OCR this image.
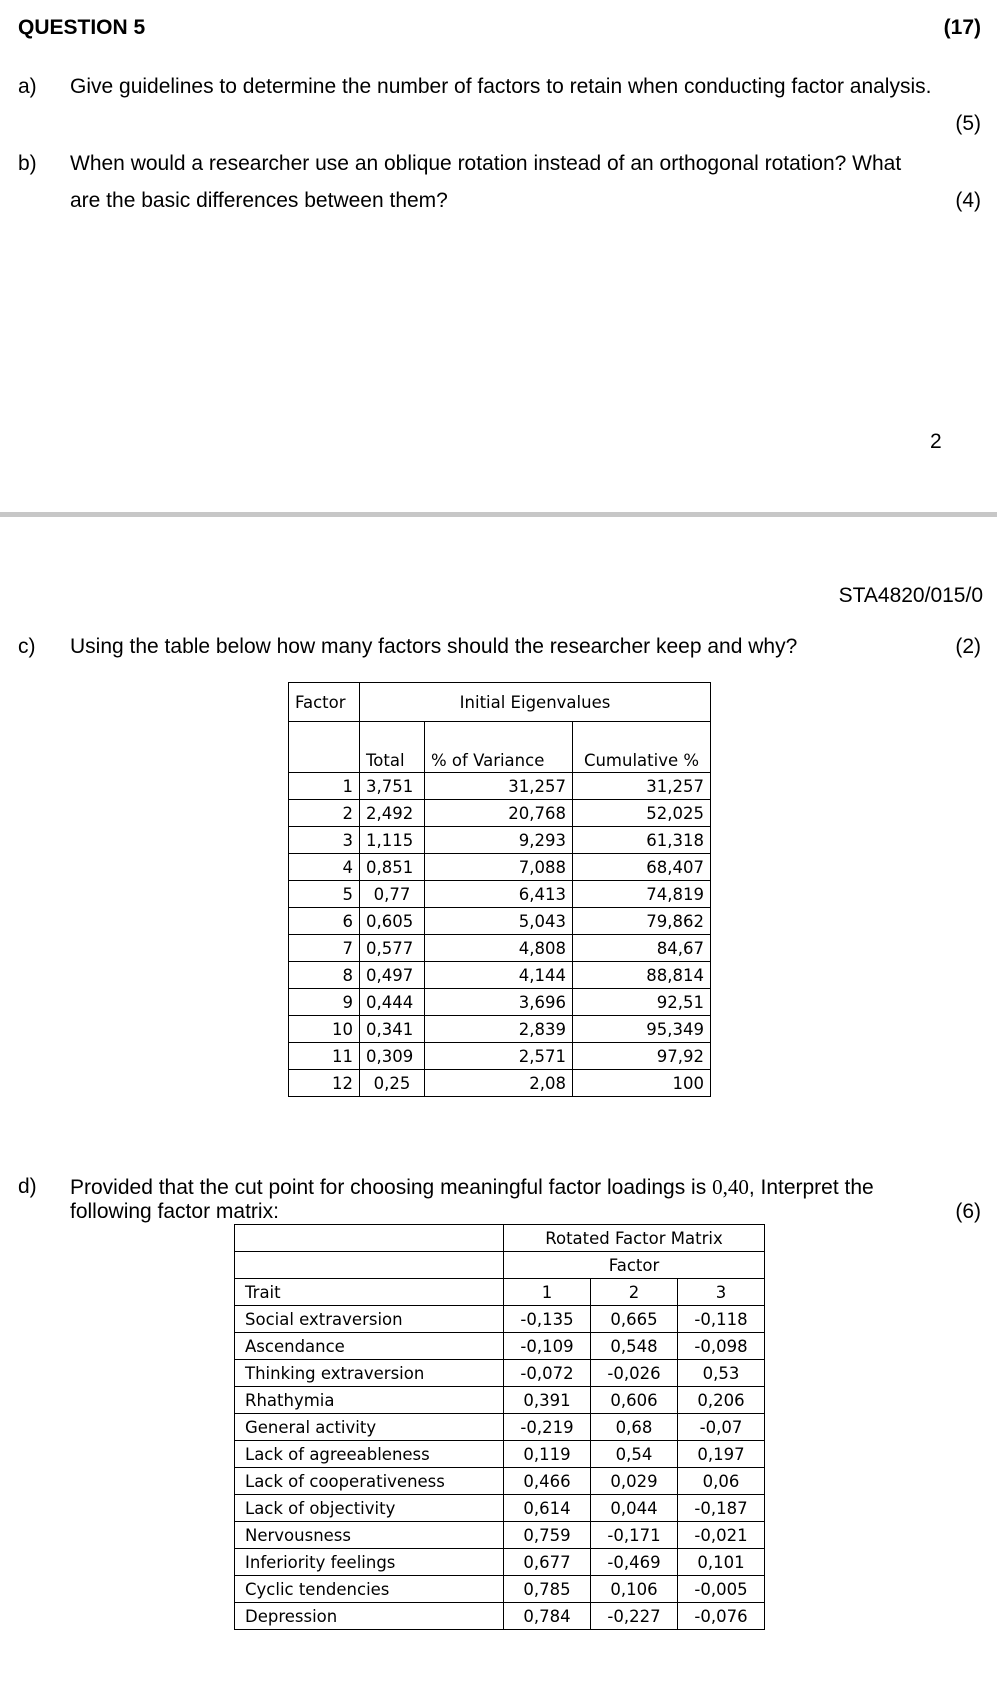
QUESTION 5	(17)
a) Give guidelines to determine the number of factors to retain when conducting factor analysis.
(5)
b) When would a researcher use an oblique rotation instead of an orthogonal rotation? What
are the basic differences between them?	(4)
2
STA4820/015/0
c) Using the table below how many factors should the researcher keep and why?	(2)
Factor	Initial Eigenvalues		
	Total	% of Variance	Cumulative %
1	3,751	31,257	31,257
2	2,492	20,768	52,025
3	1,115	9,293	61,318
4	0,851	7,088	68,407
5	0,77	6,413	74,819
6	0,605	5,043	79,862
7	0,577	4,808	84,67
8	0,497	4,144	88,814
9	0,444	3,696	92,51
10	0,341	2,839	95,349
11	0,309	2,571	97,92
12	0,25	2,08	100
d) Provided that the cut point for choosing meaningful factor loadings is 0,40, Interpret the
following factor matrix:	(6)
	Rotated Factor Matrix		
	Factor		
Trait	1	2	3
Social extraversion	-0,135	0,665	-0,118
Ascendance	-0,109	0,548	-0,098
Thinking extraversion	-0,072	-0,026	0,53
Rhathymia	0,391	0,606	0,206
General activity	-0,219	0,68	-0,07
Lack of agreeableness	0,119	0,54	0,197
Lack of cooperativeness	0,466	0,029	0,06
Lack of objectivity	0,614	0,044	-0,187
Nervousness	0,759	-0,171	-0,021
Inferiority feelings	0,677	-0,469	0,101
Cyclic tendencies	0,785	0,106	-0,005
Depression	0,784	-0,227	-0,076
